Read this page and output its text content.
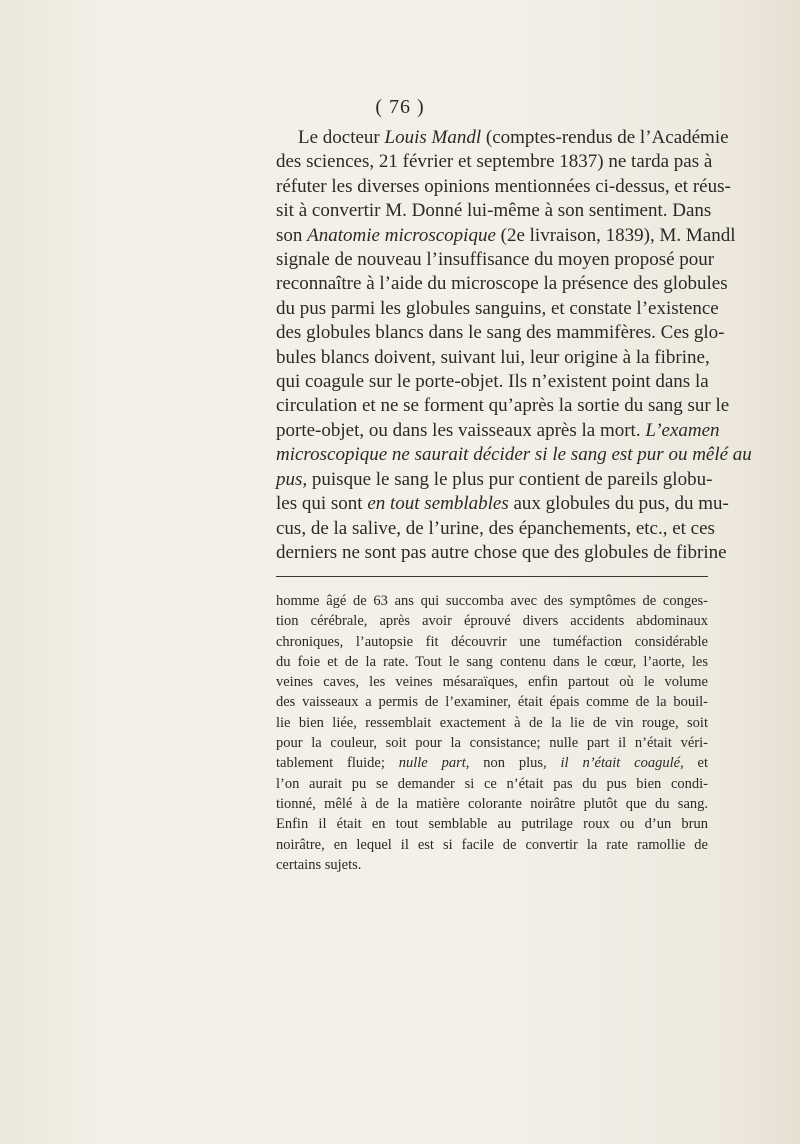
( 76 )
Le docteur Louis Mandl (comptes-rendus de l’Académie
des sciences, 21 février et septembre 1837) ne tarda pas à
réfuter les diverses opinions mentionnées ci-dessus, et réus-
sit à convertir M. Donné lui-même à son sentiment. Dans
son Anatomie microscopique (2e livraison, 1839), M. Mandl
signale de nouveau l’insuffisance du moyen proposé pour
reconnaître à l’aide du microscope la présence des globules
du pus parmi les globules sanguins, et constate l’existence
des globules blancs dans le sang des mammifères. Ces glo-
bules blancs doivent, suivant lui, leur origine à la fibrine,
qui coagule sur le porte-objet. Ils n’existent point dans la
circulation et ne se forment qu’après la sortie du sang sur le
porte-objet, ou dans les vaisseaux après la mort. L’examen
microscopique ne saurait décider si le sang est pur ou mêlé au
pus, puisque le sang le plus pur contient de pareils globu-
les qui sont en tout semblables aux globules du pus, du mu-
cus, de la salive, de l’urine, des épanchements, etc., et ces
derniers ne sont pas autre chose que des globules de fibrine
homme âgé de 63 ans qui succomba avec des symptômes de conges-
tion cérébrale, après avoir éprouvé divers accidents abdominaux
chroniques, l’autopsie fit découvrir une tuméfaction considérable
du foie et de la rate. Tout le sang contenu dans le cœur, l’aorte, les
veines caves, les veines mésaraïques, enfin partout où le volume
des vaisseaux a permis de l’examiner, était épais comme de la bouil-
lie bien liée, ressemblait exactement à de la lie de vin rouge, soit
pour la couleur, soit pour la consistance; nulle part il n’était véri-
tablement fluide; nulle part, non plus, il n’était coagulé, et
l’on aurait pu se demander si ce n’était pas du pus bien condi-
tionné, mêlé à de la matière colorante noirâtre plutôt que du sang.
Enfin il était en tout semblable au putrilage roux ou d’un brun
noirâtre, en lequel il est si facile de convertir la rate ramollie de
certains sujets.
